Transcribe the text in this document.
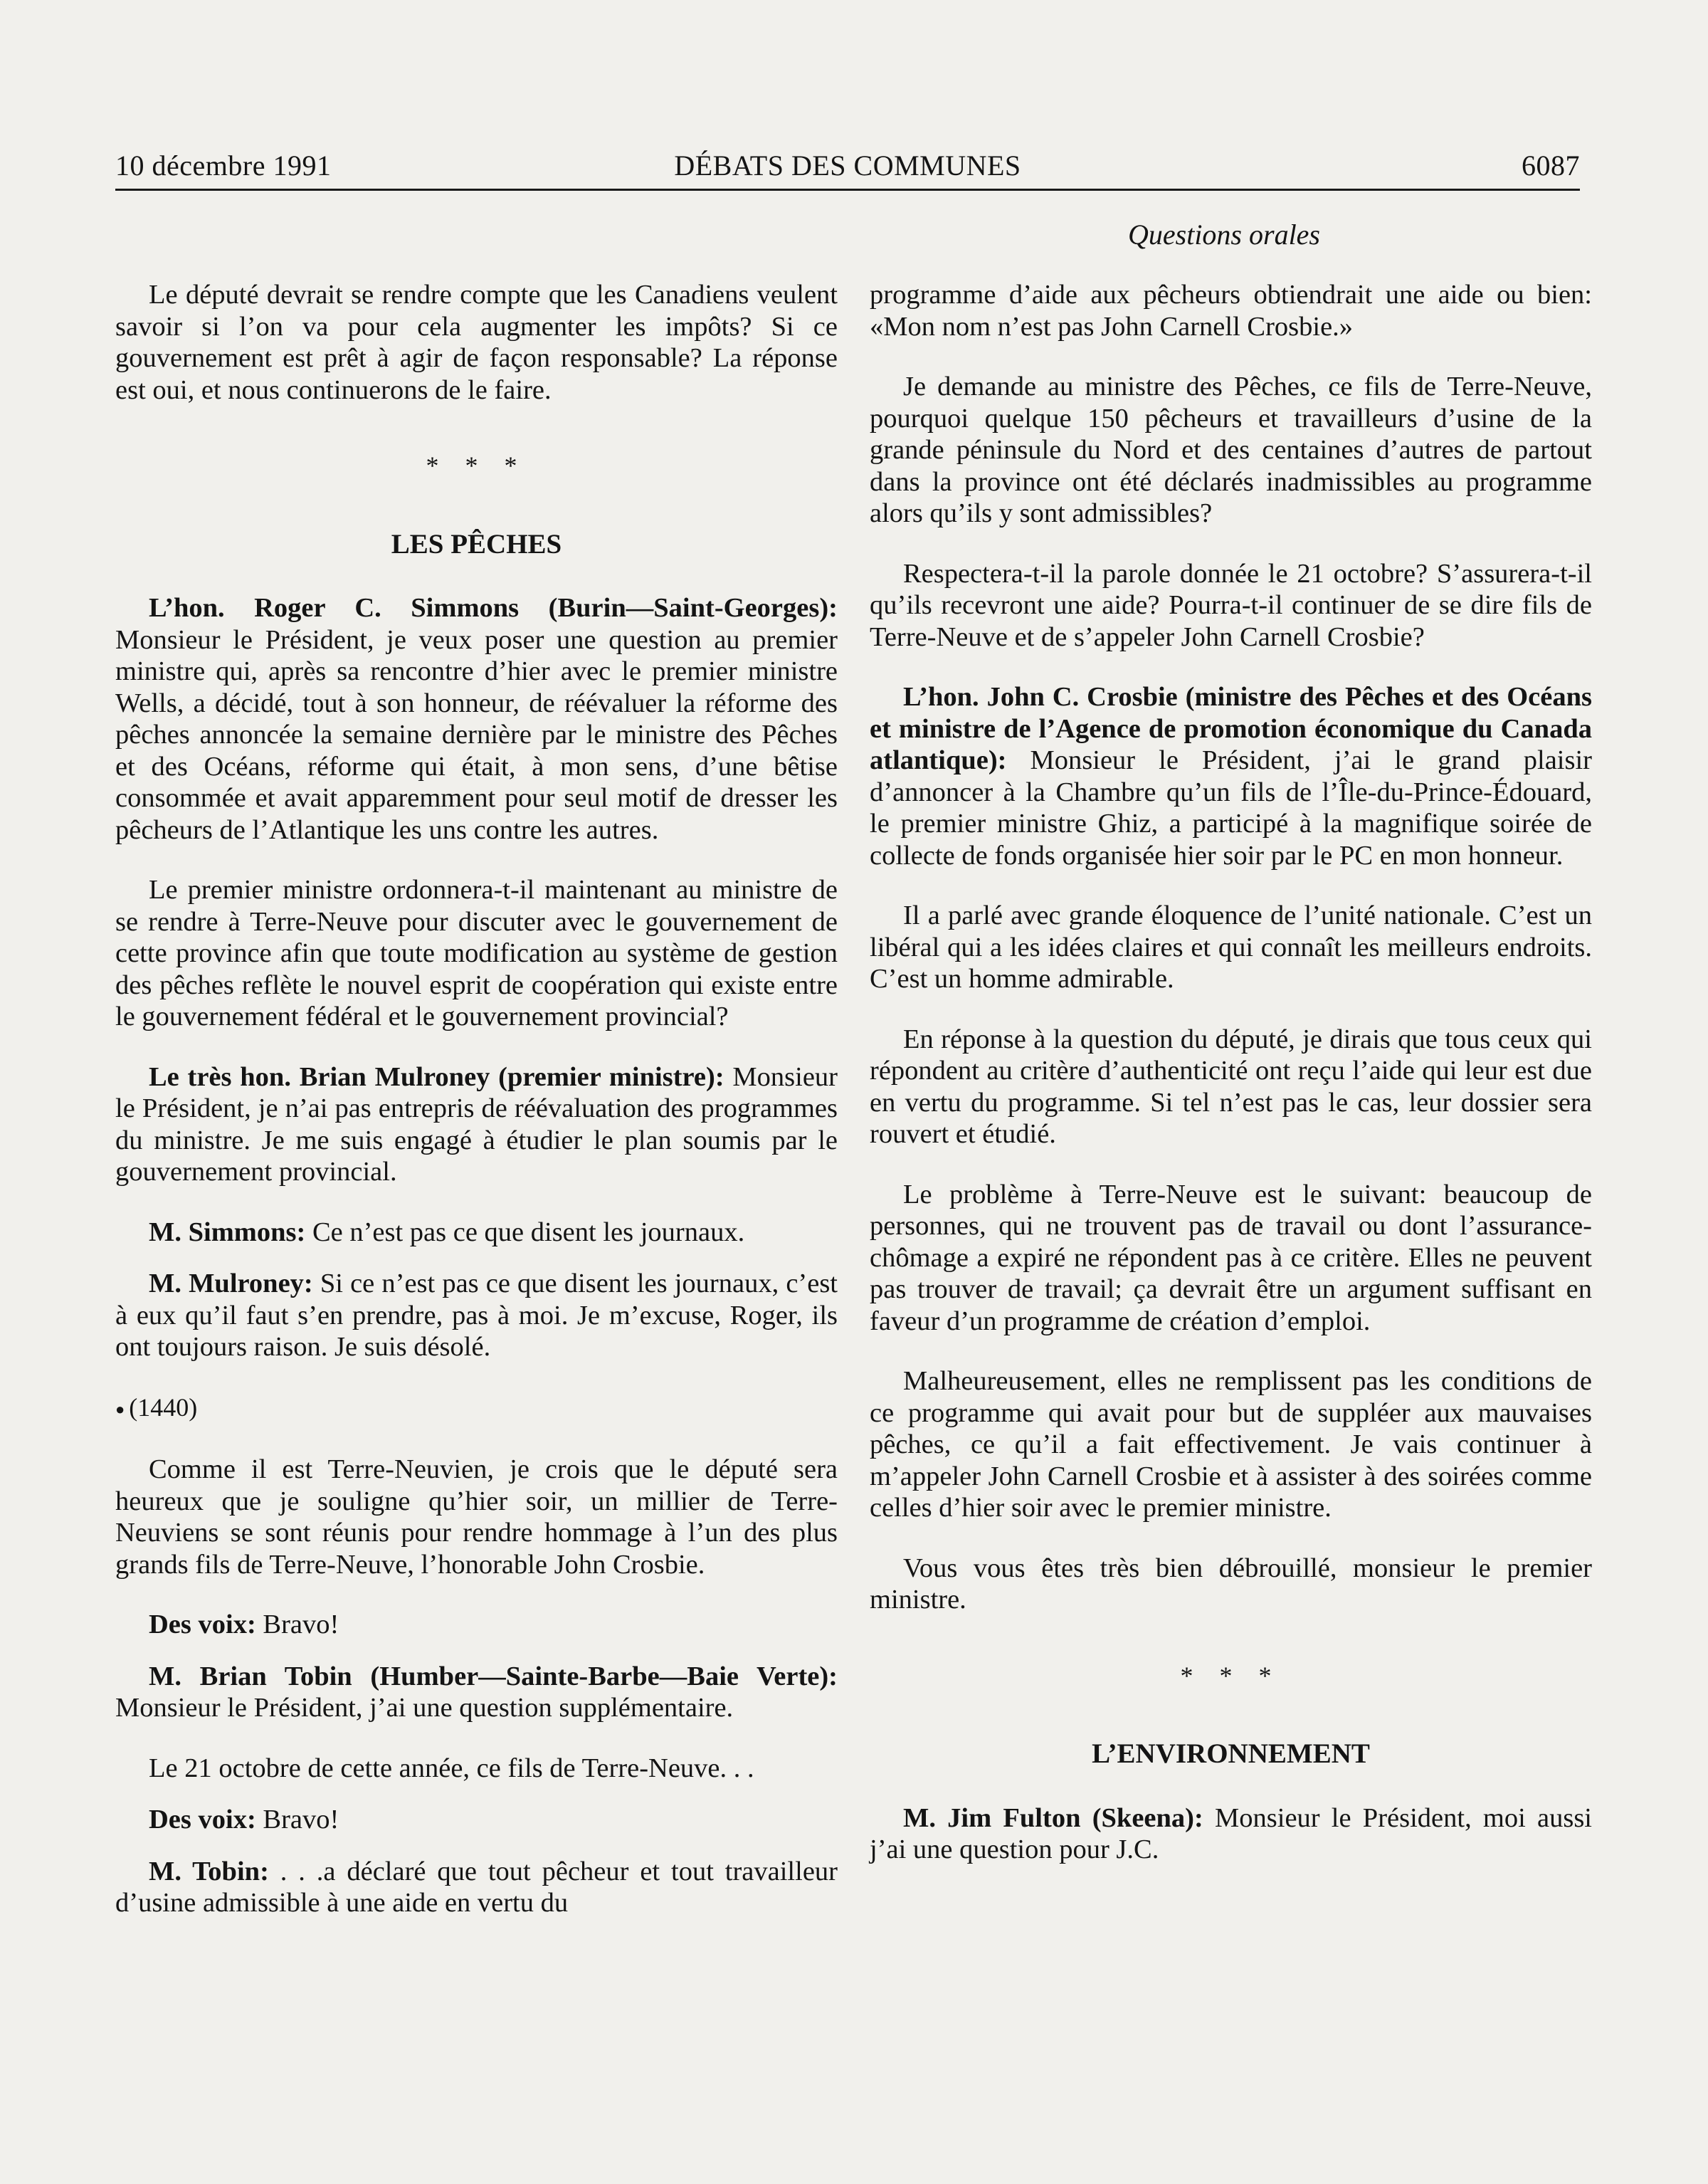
10 décembre 1991	DÉBATS DES COMMUNES	6087
Questions orales

Le député devrait se rendre compte que les Canadiens veulent savoir si l’on va pour cela augmenter les impôts? Si ce gouvernement est prêt à agir de façon responsable? La réponse est oui, et nous continuerons de le faire.

* * *
LES PÊCHES

L’hon. Roger C. Simmons (Burin—Saint-Georges): Monsieur le Président, je veux poser une question au premier ministre qui, après sa rencontre d’hier avec le premier ministre Wells, a décidé, tout à son honneur, de réévaluer la réforme des pêches annoncée la semaine dernière par le ministre des Pêches et des Océans, réforme qui était, à mon sens, d’une bêtise consommée et avait apparemment pour seul motif de dresser les pêcheurs de l’Atlantique les uns contre les autres.

Le premier ministre ordonnera-t-il maintenant au ministre de se rendre à Terre-Neuve pour discuter avec le gouvernement de cette province afin que toute modification au système de gestion des pêches reflète le nouvel esprit de coopération qui existe entre le gouvernement fédéral et le gouvernement provincial?

Le très hon. Brian Mulroney (premier ministre): Monsieur le Président, je n’ai pas entrepris de réévaluation des programmes du ministre. Je me suis engagé à étudier le plan soumis par le gouvernement provincial.

M. Simmons: Ce n’est pas ce que disent les journaux.

M. Mulroney: Si ce n’est pas ce que disent les journaux, c’est à eux qu’il faut s’en prendre, pas à moi. Je m’excuse, Roger, ils ont toujours raison. Je suis désolé.

● (1440)

Comme il est Terre-Neuvien, je crois que le député sera heureux que je souligne qu’hier soir, un millier de Terre-Neuviens se sont réunis pour rendre hommage à l’un des plus grands fils de Terre-Neuve, l’honorable John Crosbie.

Des voix: Bravo!

M. Brian Tobin (Humber—Sainte-Barbe—Baie Verte): Monsieur le Président, j’ai une question supplémentaire.

Le 21 octobre de cette année, ce fils de Terre-Neuve. . .

Des voix: Bravo!

M. Tobin: . . .a déclaré que tout pêcheur et tout travailleur d’usine admissible à une aide en vertu du

programme d’aide aux pêcheurs obtiendrait une aide ou bien: «Mon nom n’est pas John Carnell Crosbie.»

Je demande au ministre des Pêches, ce fils de Terre-Neuve, pourquoi quelque 150 pêcheurs et travailleurs d’usine de la grande péninsule du Nord et des centaines d’autres de partout dans la province ont été déclarés inadmissibles au programme alors qu’ils y sont admissibles?

Respectera-t-il la parole donnée le 21 octobre? S’assurera-t-il qu’ils recevront une aide? Pourra-t-il continuer de se dire fils de Terre-Neuve et de s’appeler John Carnell Crosbie?

L’hon. John C. Crosbie (ministre des Pêches et des Océans et ministre de l’Agence de promotion économique du Canada atlantique): Monsieur le Président, j’ai le grand plaisir d’annoncer à la Chambre qu’un fils de l’Île-du-Prince-Édouard, le premier ministre Ghiz, a participé à la magnifique soirée de collecte de fonds organisée hier soir par le PC en mon honneur.

Il a parlé avec grande éloquence de l’unité nationale. C’est un libéral qui a les idées claires et qui connaît les meilleurs endroits. C’est un homme admirable.

En réponse à la question du député, je dirais que tous ceux qui répondent au critère d’authenticité ont reçu l’aide qui leur est due en vertu du programme. Si tel n’est pas le cas, leur dossier sera rouvert et étudié.

Le problème à Terre-Neuve est le suivant: beaucoup de personnes, qui ne trouvent pas de travail ou dont l’assurance-chômage a expiré ne répondent pas à ce critère. Elles ne peuvent pas trouver de travail; ça devrait être un argument suffisant en faveur d’un programme de création d’emploi.

Malheureusement, elles ne remplissent pas les conditions de ce programme qui avait pour but de suppléer aux mauvaises pêches, ce qu’il a fait effectivement. Je vais continuer à m’appeler John Carnell Crosbie et à assister à des soirées comme celles d’hier soir avec le premier ministre.

Vous vous êtes très bien débrouillé, monsieur le premier ministre.

* * *
L’ENVIRONNEMENT

M. Jim Fulton (Skeena): Monsieur le Président, moi aussi j’ai une question pour J.C.
